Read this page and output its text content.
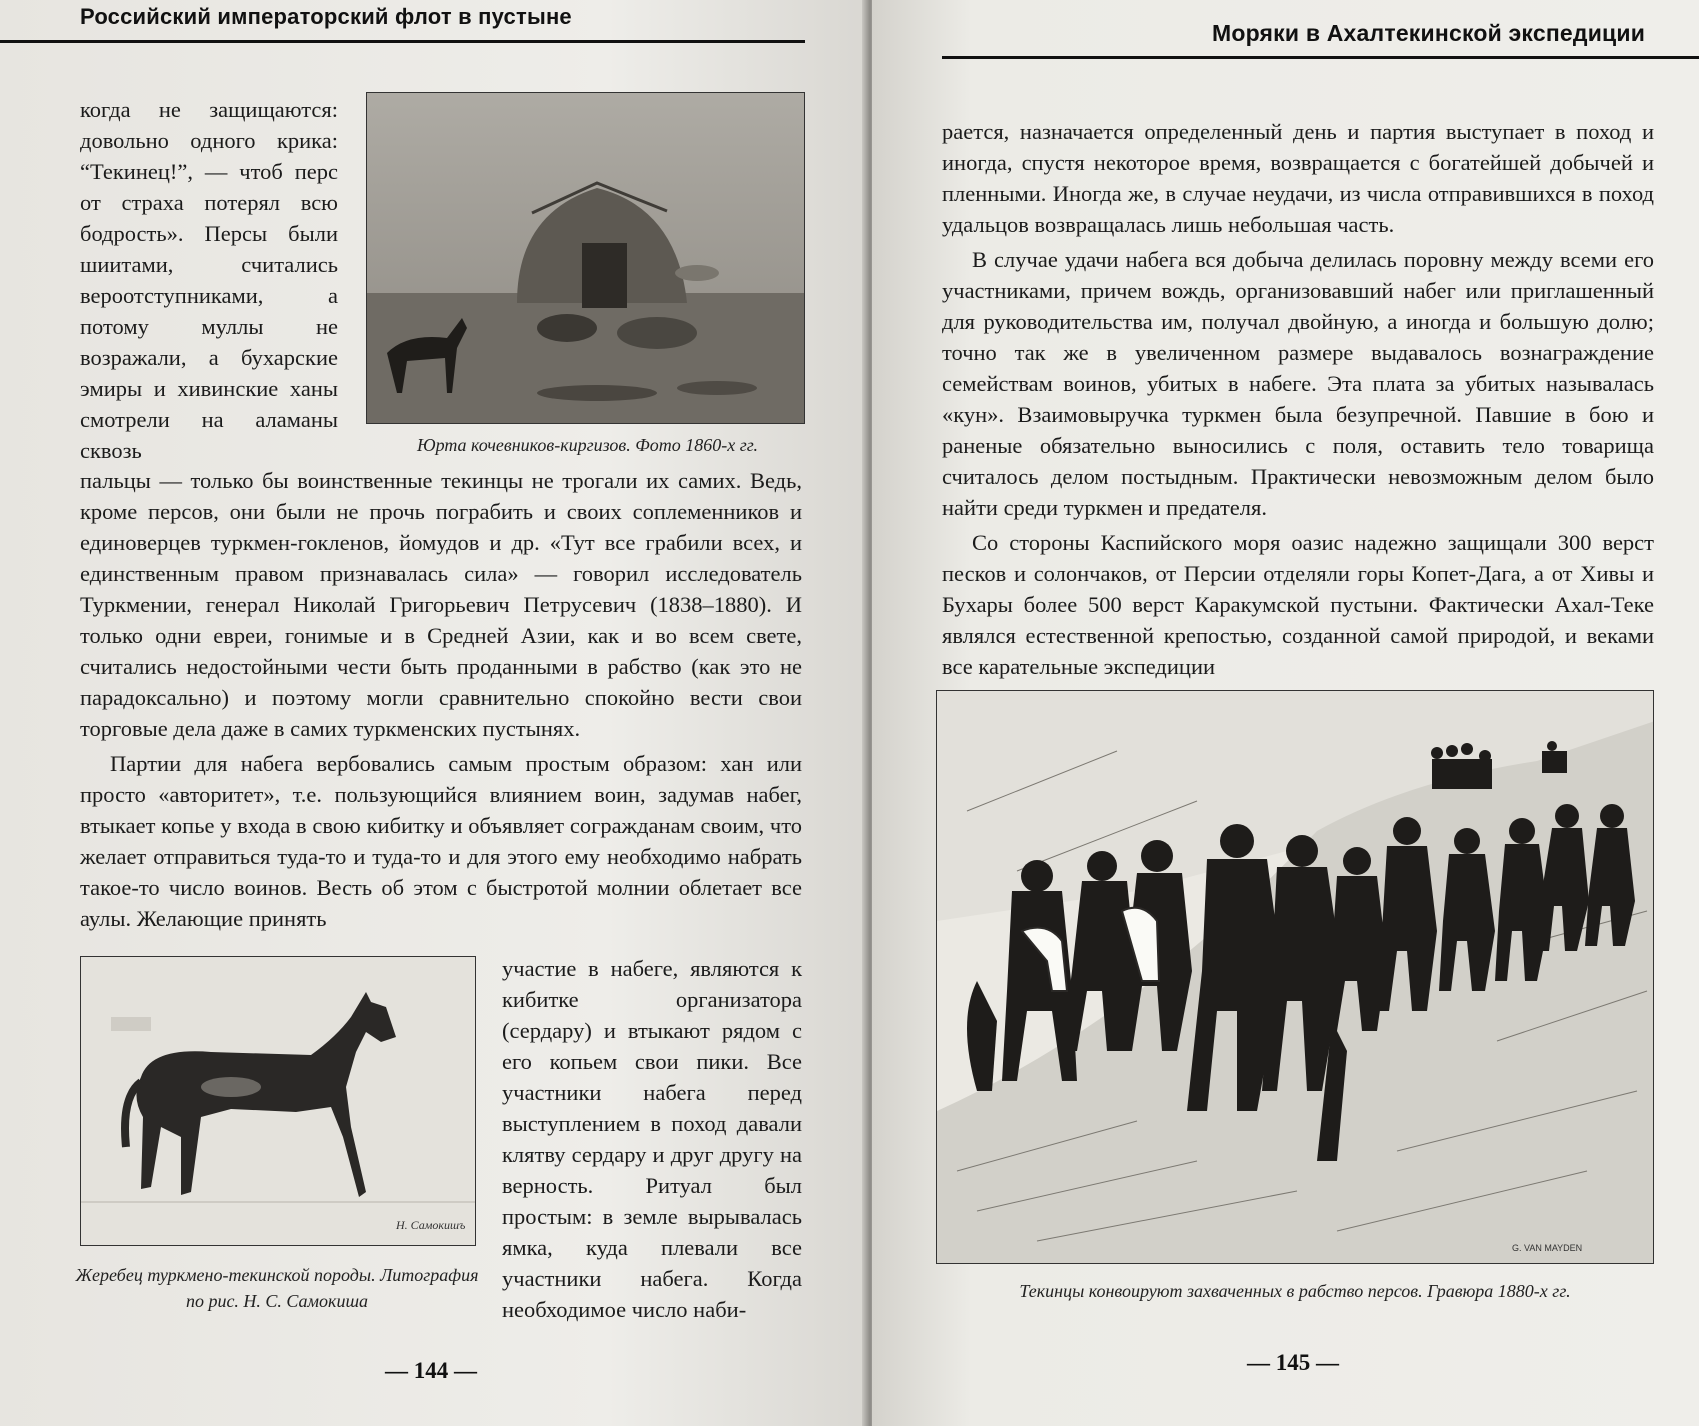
Российский императорский флот в пустыне
Юрта кочевников-киргизов. Фото 1860-х гг.

когда не защищаются: довольно одного крика: “Текинец!”, — чтоб перс от страха потерял всю бодрость». Персы были шиитами, считались вероотступниками, а потому муллы не возражали, а бухарские эмиры и хивинские ханы смотрели на аламаны сквозь

пальцы — только бы воинственные текинцы не трогали их самих. Ведь, кроме персов, они были не прочь пограбить и своих соплеменников и единоверцев туркмен-гокленов, йомудов и др. «Тут все грабили всех, и единственным правом признавалась сила» — говорил исследователь Туркмении, генерал Николай Григорьевич Петрусевич (1838–1880). И только одни евреи, гонимые и в Средней Азии, как и во всем свете, считались недостойными чести быть проданными в рабство (как это не парадоксально) и поэтому могли сравнительно спокойно вести свои торговые дела даже в самих туркменских пустынях.

Партии для набега вербовались самым простым образом: хан или просто «авторитет», т.е. пользующийся влиянием воин, задумав набег, втыкает копье у входа в свою кибитку и объявляет согражданам своим, что желает отправиться туда-то и туда-то и для этого ему необходимо набрать такое-то число воинов. Весть об этом с быстротой молнии облетает все аулы. Желающие принять

Н. Самокишъ
Жеребец туркмено-текинской породы. Литография по рис. Н. С. Самокиша

участие в набеге, являются к кибитке организатора (сердару) и втыкают рядом с его копьем свои пики. Все участники набега перед выступлением в поход давали клятву сердару и друг другу на верность. Ритуал был простым: в земле вырывалась ямка, куда плевали все участники набега. Когда необходимое число наби-

— 144 —
Моряки в Ахалтекинской экспедиции

рается, назначается определенный день и партия выступает в поход и иногда, спустя некоторое время, возвращается с богатейшей добычей и пленными. Иногда же, в случае неудачи, из числа отправившихся в поход удальцов возвращалась лишь небольшая часть.

В случае удачи набега вся добыча делилась поровну между всеми его участниками, причем вождь, организовавший набег или приглашенный для руководительства им, получал двойную, а иногда и большую долю; точно так же в увеличенном размере выдавалось вознаграждение семействам воинов, убитых в набеге. Эта плата за убитых называлась «кун». Взаимовыручка туркмен была безупречной. Павшие в бою и раненые обязательно выносились с поля, оставить тело товарища считалось делом постыдным. Практически невозможным делом было найти среди туркмен и предателя.

Со стороны Каспийского моря оазис надежно защищали 300 верст песков и солончаков, от Персии отделяли горы Копет-Дага, а от Хивы и Бухары более 500 верст Каракумской пустыни. Фактически Ахал-Теке являлся естественной крепостью, созданной самой природой, и веками все карательные экспедиции

G. VAN MAYDEN
Текинцы конвоируют захваченных в рабство персов. Гравюра 1880-х гг.
— 145 —
